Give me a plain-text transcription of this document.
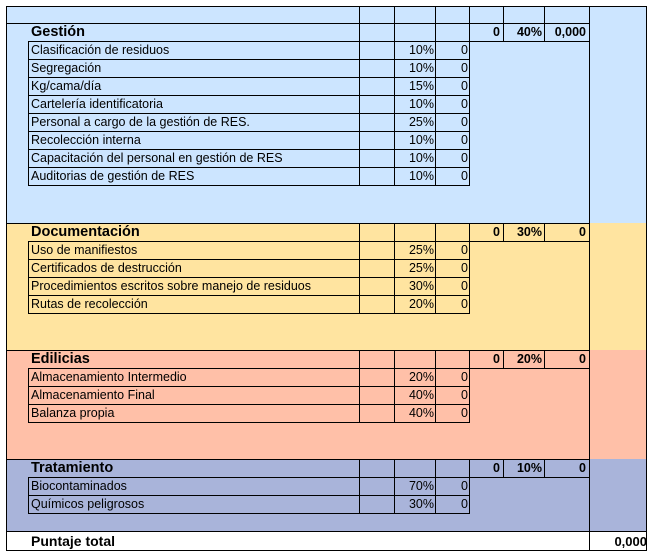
Gestión	0	40%	0,000
Clasificación de residuos	10%	0
Segregación	10%	0
Kg/cama/día	15%	0
Cartelería identificatoria	10%	0
Personal a cargo de la gestión de RES.	25%	0
Recolección interna	10%	0
Capacitación del personal en gestión de RES	10%	0
Auditorias de gestión de RES	10%	0
Documentación	0	30%	0
Uso de manifiestos	25%	0
Certificados de destrucción	25%	0
Procedimientos escritos sobre manejo de residuos	30%	0
Rutas de recolección	20%	0
Edilicias	0	20%	0
Almacenamiento Intermedio	20%	0
Almacenamiento Final	40%	0
Balanza propia	40%	0
Tratamiento	0	10%	0
Biocontaminados	70%	0
Químicos peligrosos	30%	0
Puntaje total	0,000
